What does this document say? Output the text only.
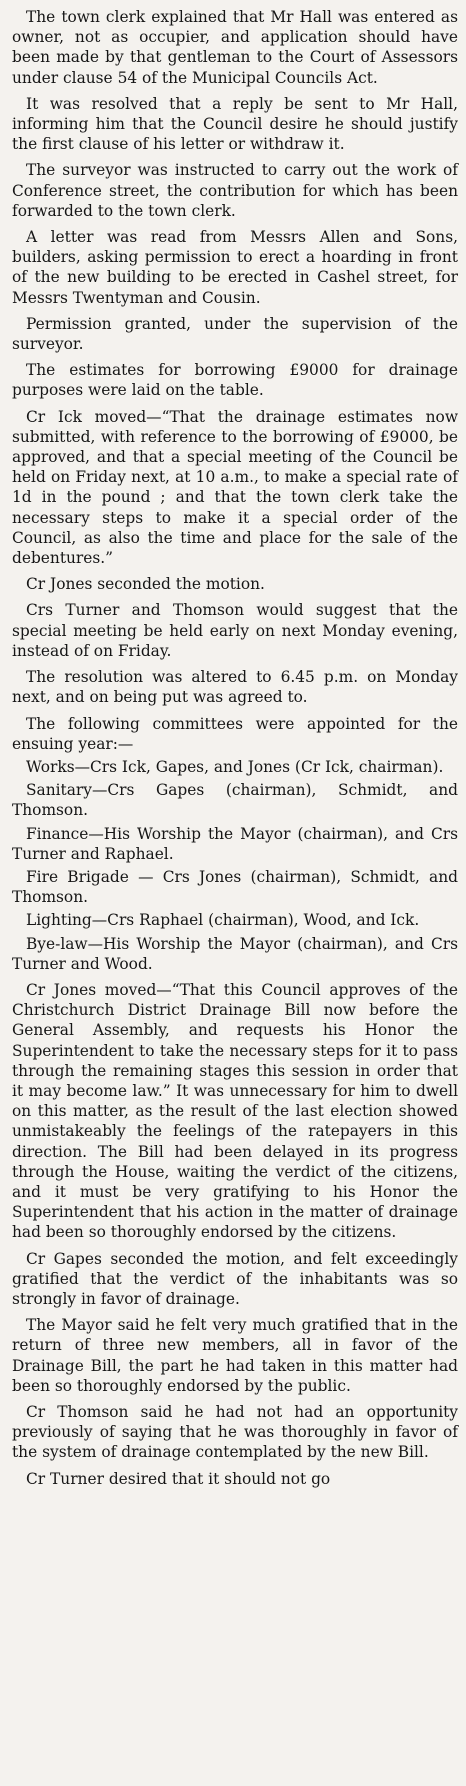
The town clerk explained that Mr Hall was entered as owner, not as occupier, and application should have been made by that gentleman to the Court of Assessors under clause 54 of the Municipal Councils Act.

It was resolved that a reply be sent to Mr Hall, informing him that the Council desire he should justify the first clause of his letter or withdraw it.

The surveyor was instructed to carry out the work of Conference street, the contribution for which has been forwarded to the town clerk.

A letter was read from Messrs Allen and Sons, builders, asking permission to erect a hoarding in front of the new building to be erected in Cashel street, for Messrs Twentyman and Cousin.

Permission granted, under the supervision of the surveyor.

The estimates for borrowing £9000 for drainage purposes were laid on the table.

Cr Ick moved—“That the drainage estimates now submitted, with reference to the borrowing of £9000, be approved, and that a special meeting of the Council be held on Friday next, at 10 a.m., to make a special rate of 1d in the pound ; and that the town clerk take the necessary steps to make it a special order of the Council, as also the time and place for the sale of the debentures.”

Cr Jones seconded the motion.

Crs Turner and Thomson would suggest that the special meeting be held early on next Monday evening, instead of on Friday.

The resolution was altered to 6.45 p.m. on Monday next, and on being put was agreed to.

The following committees were appointed for the ensuing year:—

Works—Crs Ick, Gapes, and Jones (Cr Ick, chairman).

Sanitary—Crs Gapes (chairman), Schmidt, and Thomson.

Finance—His Worship the Mayor (chairman), and Crs Turner and Raphael.

Fire Brigade — Crs Jones (chairman), Schmidt, and Thomson.

Lighting—Crs Raphael (chairman), Wood, and Ick.

Bye-law—His Worship the Mayor (chairman), and Crs Turner and Wood.

Cr Jones moved—“That this Council approves of the Christchurch District Drainage Bill now before the General Assembly, and requests his Honor the Superintendent to take the necessary steps for it to pass through the remaining stages this session in order that it may become law.” It was unnecessary for him to dwell on this matter, as the result of the last election showed unmistakeably the feelings of the ratepayers in this direction. The Bill had been delayed in its progress through the House, waiting the verdict of the citizens, and it must be very gratifying to his Honor the Superintendent that his action in the matter of drainage had been so thoroughly endorsed by the citizens.

Cr Gapes seconded the motion, and felt exceedingly gratified that the verdict of the inhabitants was so strongly in favor of drainage.

The Mayor said he felt very much gratified that in the return of three new members, all in favor of the Drainage Bill, the part he had taken in this matter had been so thoroughly endorsed by the public.

Cr Thomson said he had not had an opportunity previously of saying that he was thoroughly in favor of the system of drainage contemplated by the new Bill.

Cr Turner desired that it should not go
